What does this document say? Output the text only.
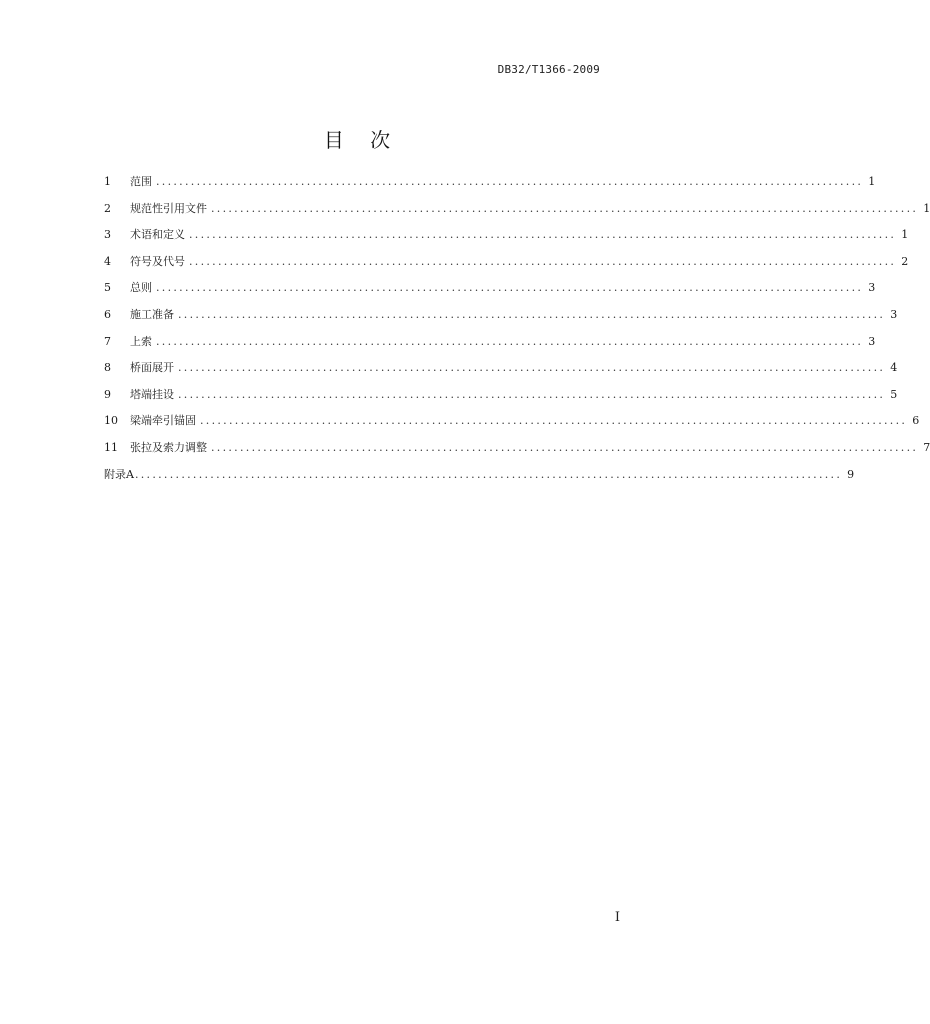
DB32/T1366-2009
目 次
1	范围 .......................................................................................................................... 1
2	规范性引用文件 .......................................................................................................................... 1
3	术语和定义 .......................................................................................................................... 1
4	符号及代号 .......................................................................................................................... 2
5	总则 .......................................................................................................................... 3
6	施工准备 .......................................................................................................................... 3
7	上索 .......................................................................................................................... 3
8	桥面展开 .......................................................................................................................... 4
9	塔端挂设 .......................................................................................................................... 5
10	梁端牵引锚固 .......................................................................................................................... 6
11	张拉及索力调整 .......................................................................................................................... 7
附录A .......................................................................................................................... 9
I
